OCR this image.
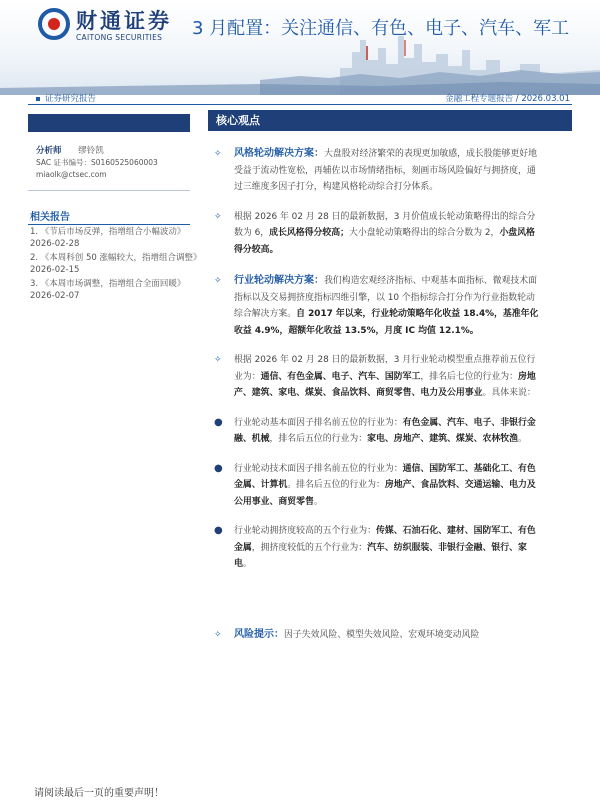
财通证券
CAITONG SECURITIES 3 月配置：关注通信、有色、电子、汽车、军工
证券研究报告	金融工程专题报告 / 2026.03.01
分析师 缪铃凯
SAC 证书编号：S0160525060003
miaolk@ctsec.com
相关报告
1. 《节后市场反弹，指增组合小幅波动》
2026-02-28
2. 《本周科创 50 涨幅较大，指增组合调整》
2026-02-15
3. 《本周市场调整，指增组合全面回暖》
2026-02-07
核心观点
✧ 风格轮动解决方案：大盘股对经济繁荣的表现更加敏感，成长股能够更好地
受益于流动性宽松，再辅佐以市场情绪指标，刻画市场风险偏好与拥挤度，通
过三维度多因子打分，构建风格轮动综合打分体系。
✧ 根据 2026 年 02 月 28 日的最新数据，3 月价值成长轮动策略得出的综合分
数为 6，成长风格得分较高；大小盘轮动策略得出的综合分数为 2，小盘风格
得分较高。
✧ 行业轮动解决方案：我们构造宏观经济指标、中观基本面指标、微观技术面
指标以及交易拥挤度指标四维引擎，以 10 个指标综合打分作为行业指数轮动
综合解决方案。自 2017 年以来，行业轮动策略年化收益 18.4%，基准年化
收益 4.9%，超额年化收益 13.5%，月度 IC 均值 12.1%。
✧ 根据 2026 年 02 月 28 日的最新数据，3 月行业轮动模型重点推荐前五位行
业为：通信、有色金属、电子、汽车、国防军工，排名后七位的行业为：房地
产、建筑、家电、煤炭、食品饮料、商贸零售、电力及公用事业。具体来说：
● 行业轮动基本面因子排名前五位的行业为：有色金属、汽车、电子、非银行金
融、机械，排名后五位的行业为：家电、房地产、建筑、煤炭、农林牧渔。
● 行业轮动技术面因子排名前五位的行业为：通信、国防军工、基础化工、有色
金属、计算机。排名后五位的行业为：房地产、食品饮料、交通运输、电力及
公用事业、商贸零售。
● 行业轮动拥挤度较高的五个行业为：传媒、石油石化、建材、国防军工、有色
金属，拥挤度较低的五个行业为：汽车、纺织服装、非银行金融、银行、家
电。
✧ 风险提示：因子失效风险、模型失效风险、宏观环境变动风险
请阅读最后一页的重要声明！
